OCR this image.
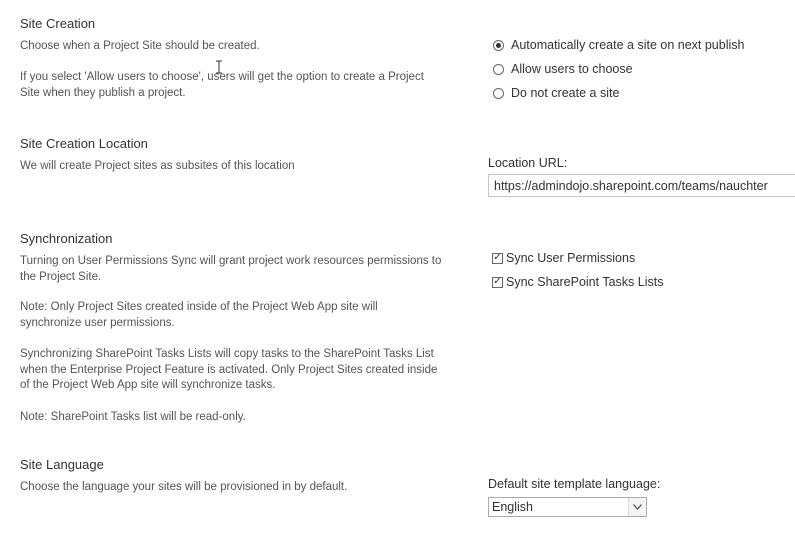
Site Creation

Choose when a Project Site should be created.

If you select 'Allow users to choose', users will get the option to create a Project
Site when they publish a project.

Automatically create a site on next publish
Allow users to choose
Do not create a site
Site Creation Location

We will create Project sites as subsites of this location	Location URL:
https://admindojo.sharepoint.com/teams/nauchter
Synchronization

Turning on User Permissions Sync will grant project work resources permissions to
the Project Site.

Note: Only Project Sites created inside of the Project Web App site will
synchronize user permissions.

Synchronizing SharePoint Tasks Lists will copy tasks to the SharePoint Tasks List
when the Enterprise Project Feature is activated. Only Project Sites created inside
of the Project Web App site will synchronize tasks.

Note: SharePoint Tasks list will be read-only.

✓ Sync User Permissions
✓ Sync SharePoint Tasks Lists
Site Language

Choose the language your sites will be provisioned in by default.	Default site template language:
English
